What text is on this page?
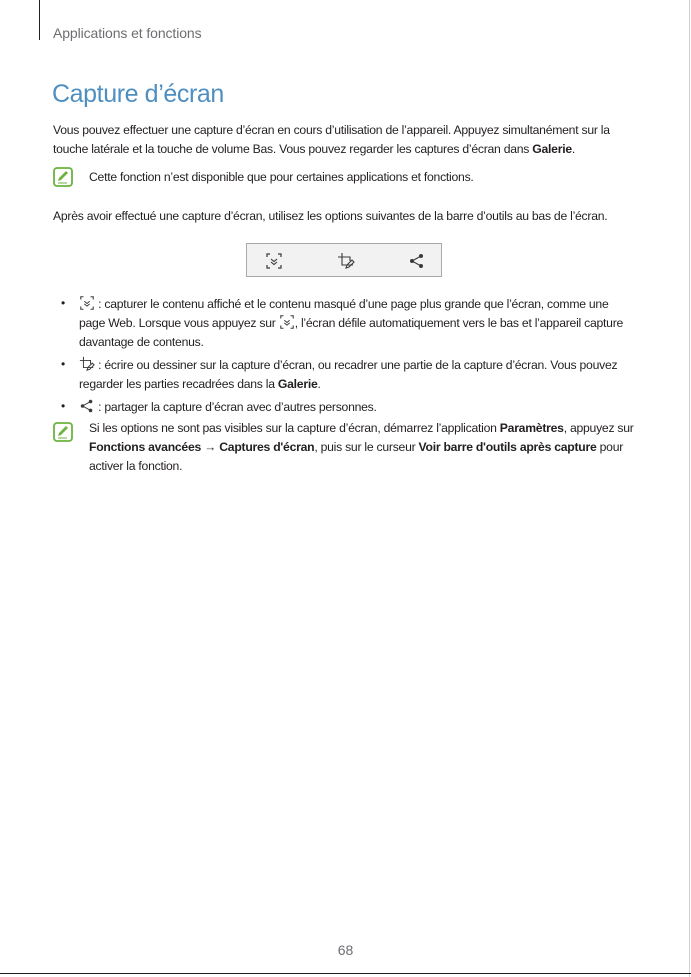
Applications et fonctions
Capture d’écran
Vous pouvez effectuer une capture d’écran en cours d’utilisation de l’appareil. Appuyez simultanément sur la touche latérale et la touche de volume Bas. Vous pouvez regarder les captures d’écran dans Galerie.
Cette fonction n’est disponible que pour certaines applications et fonctions.
Après avoir effectué une capture d’écran, utilisez les options suivantes de la barre d’outils au bas de l’écran.
•	: capturer le contenu affiché et le contenu masqué d’une page plus grande que l’écran, comme une page Web. Lorsque vous appuyez sur , l’écran défile automatiquement vers le bas et l’appareil capture davantage de contenus.
•	: écrire ou dessiner sur la capture d’écran, ou recadrer une partie de la capture d’écran. Vous pouvez regarder les parties recadrées dans la Galerie.
•	: partager la capture d’écran avec d’autres personnes.
Si les options ne sont pas visibles sur la capture d’écran, démarrez l’application Paramètres, appuyez sur Fonctions avancées → Captures d'écran, puis sur le curseur Voir barre d'outils après capture pour activer la fonction.
68
